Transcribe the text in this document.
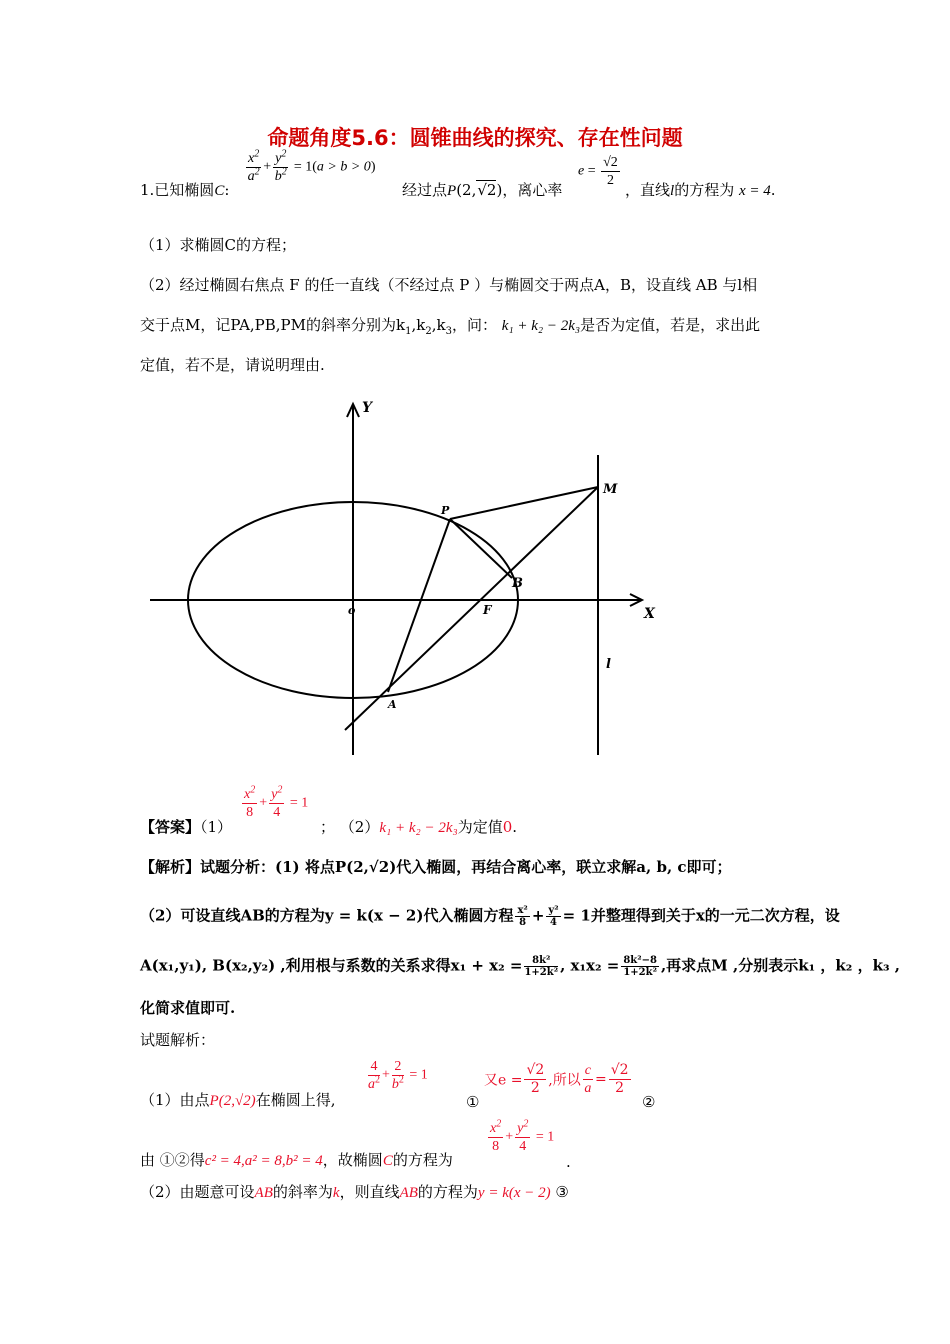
命题角度5.6：圆锥曲线的探究、存在性问题
1.已知椭圆C:
$\frac{x^2}{a^2} + \frac{y^2}{b^2} = 1(a > b > 0)$
经过点P(2,√2)，离心率
$e = \frac{√2}{2}$
，直线l的方程为 x = 4.
（1）求椭圆C的方程；
（2）经过椭圆右焦点 F 的任一直线（不经过点 P ）与椭圆交于两点A，B，设直线 AB 与l相
交于点M，记PA,PB,PM的斜率分别为$k_1,k_2,k_3$，问： k₁ + k₂ − 2k₃是否为定值，若是，求出此
定值，若不是，请说明理由.
Y
X
o
P
M
B
F
A
l
【答案】（1）
$\frac{x^2}{8} + \frac{y^2}{4} = 1$
； （2）k₁ + k₂ − 2k₃为定值0.
【解析】试题分析：(1) 将点P(2,√2)代入椭圆，再结合离心率，联立求解a, b, c即可；
（2）可设直线AB的方程为y = k(x − 2)代入椭圆方程 $\frac{\text{x²}}{8} + \frac{\text{y²}}{4} = 1$并整理得到关于x的一元二次方程，设
A(x₁,y₁), B(x₂,y₂) ,利用根与系数的关系求得$x_1 + x_2 = \frac{\text{8k²}}{\text{1+2k²}}$ , $x_1x_2 = \frac{\text{8k²−8}}{\text{1+2k²}}$ ,再求点M ,分别表示k₁ ，k₂ ，k₃ ,
化简求值即可.
试题解析：
（1）由点P(2,√2)在椭圆上得,
$\frac{4}{a^2} + \frac{2}{b^2} = 1$
①
又$e = \frac{√2}{2}$ ,所以 $\frac{c}{a} = \frac{√2}{2}$
②
由 ①②得c² = 4,a² = 8,b² = 4，故椭圆C的方程为
$\frac{x^2}{8} + \frac{y^2}{4} = 1$
.
（2）由题意可设AB的斜率为k，则直线AB的方程为y = k(x − 2) ③
